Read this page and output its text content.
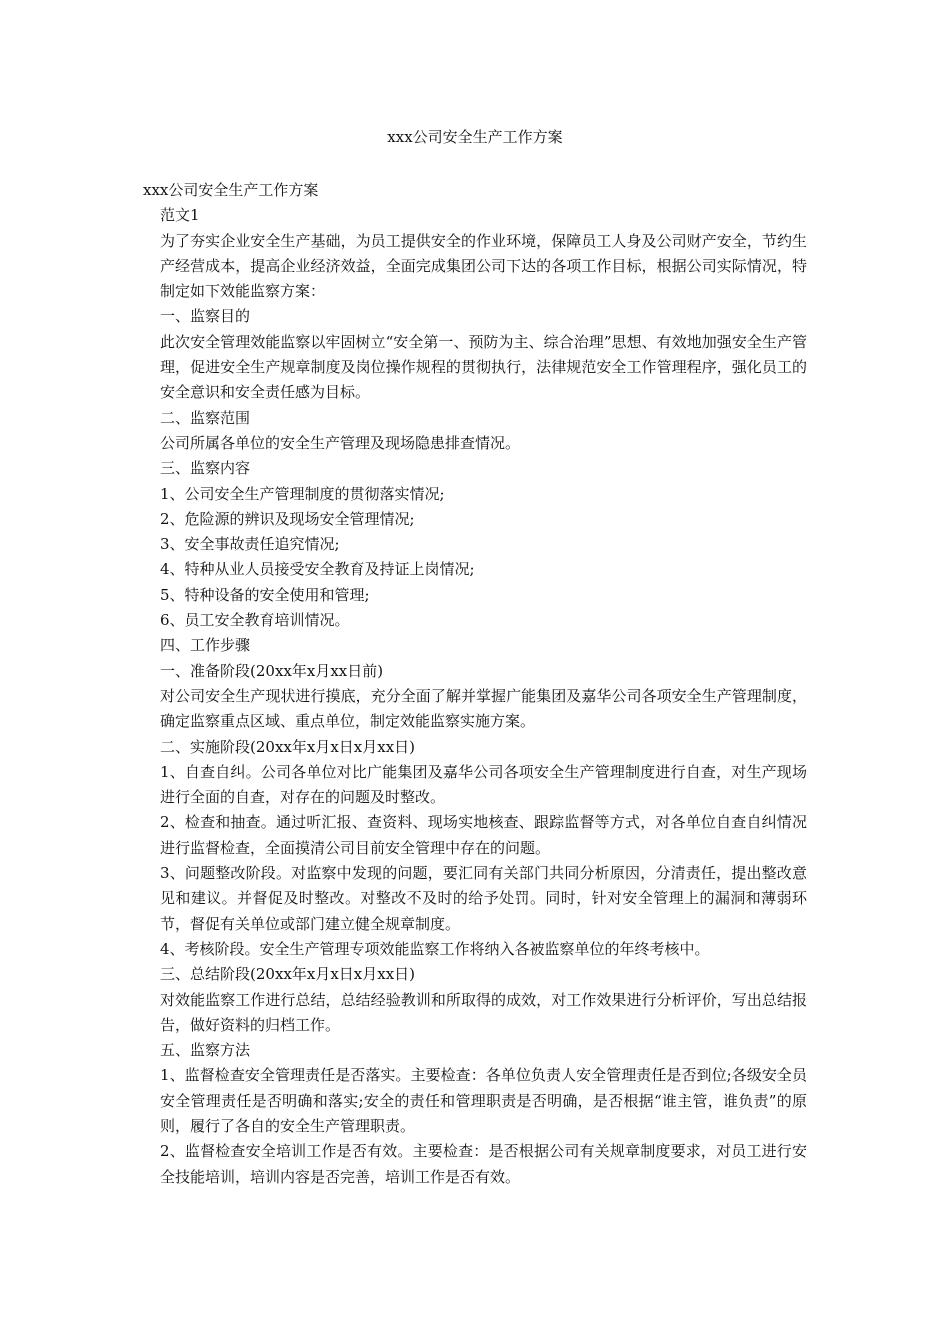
xxx公司安全生产工作方案

xxx公司安全生产工作方案

范文1

为了夯实企业安全生产基础，为员工提供安全的作业环境，保障员工人身及公司财产安全，节约生产经营成本，提高企业经济效益，全面完成集团公司下达的各项工作目标，根据公司实际情况，特制定如下效能监察方案：

一、监察目的

此次安全管理效能监察以牢固树立“安全第一、预防为主、综合治理”思想、有效地加强安全生产管理，促进安全生产规章制度及岗位操作规程的贯彻执行，法律规范安全工作管理程序，强化员工的安全意识和安全责任感为目标。

二、监察范围

公司所属各单位的安全生产管理及现场隐患排查情况。

三、监察内容

1、公司安全生产管理制度的贯彻落实情况;

2、危险源的辨识及现场安全管理情况;

3、安全事故责任追究情况;

4、特种从业人员接受安全教育及持证上岗情况;

5、特种设备的安全使用和管理;

6、员工安全教育培训情况。

四、工作步骤

一、准备阶段(20xx年x月xx日前)

对公司安全生产现状进行摸底，充分全面了解并掌握广能集团及嘉华公司各项安全生产管理制度，确定监察重点区域、重点单位，制定效能监察实施方案。

二、实施阶段(20xx年x月x日x月xx日)

1、自查自纠。公司各单位对比广能集团及嘉华公司各项安全生产管理制度进行自查，对生产现场进行全面的自查，对存在的问题及时整改。

2、检查和抽查。通过听汇报、查资料、现场实地核查、跟踪监督等方式，对各单位自查自纠情况进行监督检查，全面摸清公司目前安全管理中存在的问题。

3、问题整改阶段。对监察中发现的问题，要汇同有关部门共同分析原因，分清责任，提出整改意见和建议。并督促及时整改。对整改不及时的给予处罚。同时，针对安全管理上的漏洞和薄弱环节，督促有关单位或部门建立健全规章制度。

4、考核阶段。安全生产管理专项效能监察工作将纳入各被监察单位的年终考核中。

三、总结阶段(20xx年x月x日x月xx日)

对效能监察工作进行总结，总结经验教训和所取得的成效，对工作效果进行分析评价，写出总结报告，做好资料的归档工作。

五、监察方法

1、监督检查安全管理责任是否落实。主要检查：各单位负责人安全管理责任是否到位;各级安全员安全管理责任是否明确和落实;安全的责任和管理职责是否明确，是否根据“谁主管，谁负责”的原则，履行了各自的安全生产管理职责。

2、监督检查安全培训工作是否有效。主要检查：是否根据公司有关规章制度要求，对员工进行安全技能培训，培训内容是否完善，培训工作是否有效。
